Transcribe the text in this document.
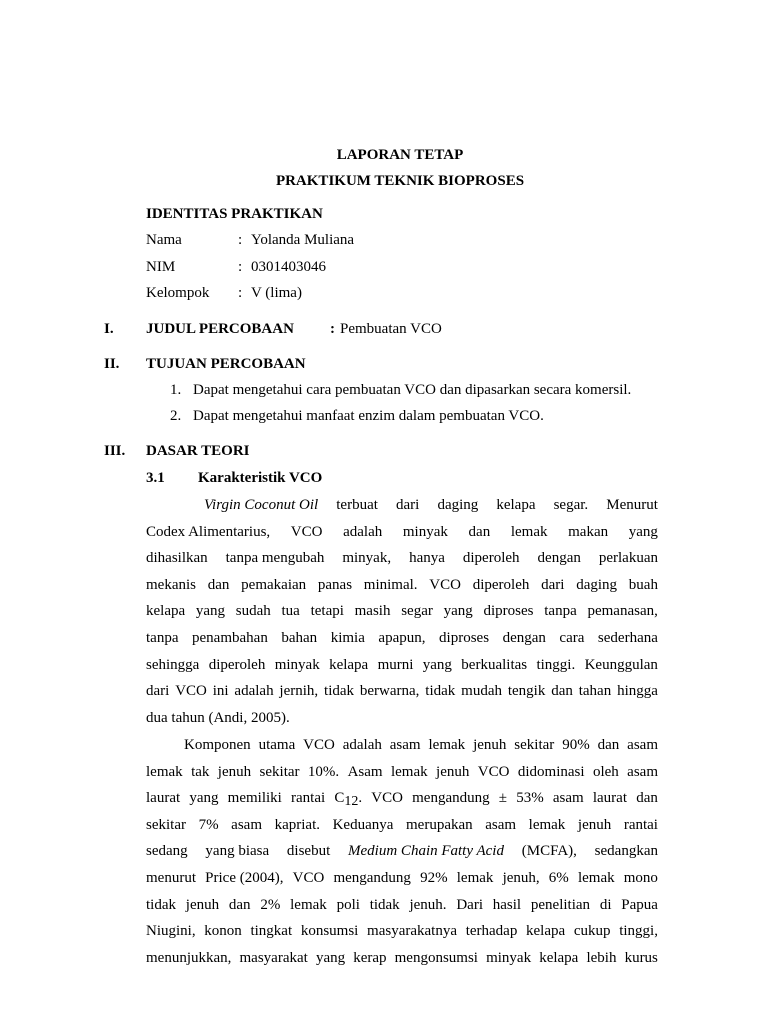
LAPORAN TETAP
PRAKTIKUM TEKNIK BIOPROSES
IDENTITAS PRAKTIKAN
Nama	: Yolanda Muliana
NIM	: 0301403046
Kelompok : V (lima)
I.	JUDUL PERCOBAAN : Pembuatan VCO
II.	TUJUAN PERCOBAAN
1. Dapat mengetahui cara pembuatan VCO dan dipasarkan secara komersil.
2. Dapat mengetahui manfaat enzim dalam pembuatan VCO.
III. DASAR TEORI
3.1 Karakteristik VCO
Virgin Coconut Oil terbuat dari daging kelapa segar. Menurut
Codex Alimentarius, VCO adalah minyak dan lemak makan yang
dihasilkan tanpa mengubah minyak, hanya diperoleh dengan perlakuan
mekanis dan pemakaian panas minimal. VCO diperoleh dari daging buah
kelapa yang sudah tua tetapi masih segar yang diproses tanpa pemanasan,
tanpa penambahan bahan kimia apapun, diproses dengan cara sederhana
sehingga diperoleh minyak kelapa murni yang berkualitas tinggi. Keunggulan
dari VCO ini adalah jernih, tidak berwarna, tidak mudah tengik dan tahan hingga
dua tahun (Andi, 2005).
Komponen utama VCO adalah asam lemak jenuh sekitar 90% dan asam
lemak tak jenuh sekitar 10%. Asam lemak jenuh VCO didominasi oleh asam
laurat yang memiliki rantai $C_{12}$. VCO mengandung ± 53% asam laurat dan
sekitar 7% asam kapriat. Keduanya merupakan asam lemak jenuh rantai
sedang yang biasa disebut Medium Chain Fatty Acid (MCFA), sedangkan
menurut Price (2004), VCO mengandung 92% lemak jenuh, 6% lemak mono
tidak jenuh dan 2% lemak poli tidak jenuh. Dari hasil penelitian di Papua
Niugini, konon tingkat konsumsi masyarakatnya terhadap kelapa cukup tinggi,
menunjukkan, masyarakat yang kerap mengonsumsi minyak kelapa lebih kurus
